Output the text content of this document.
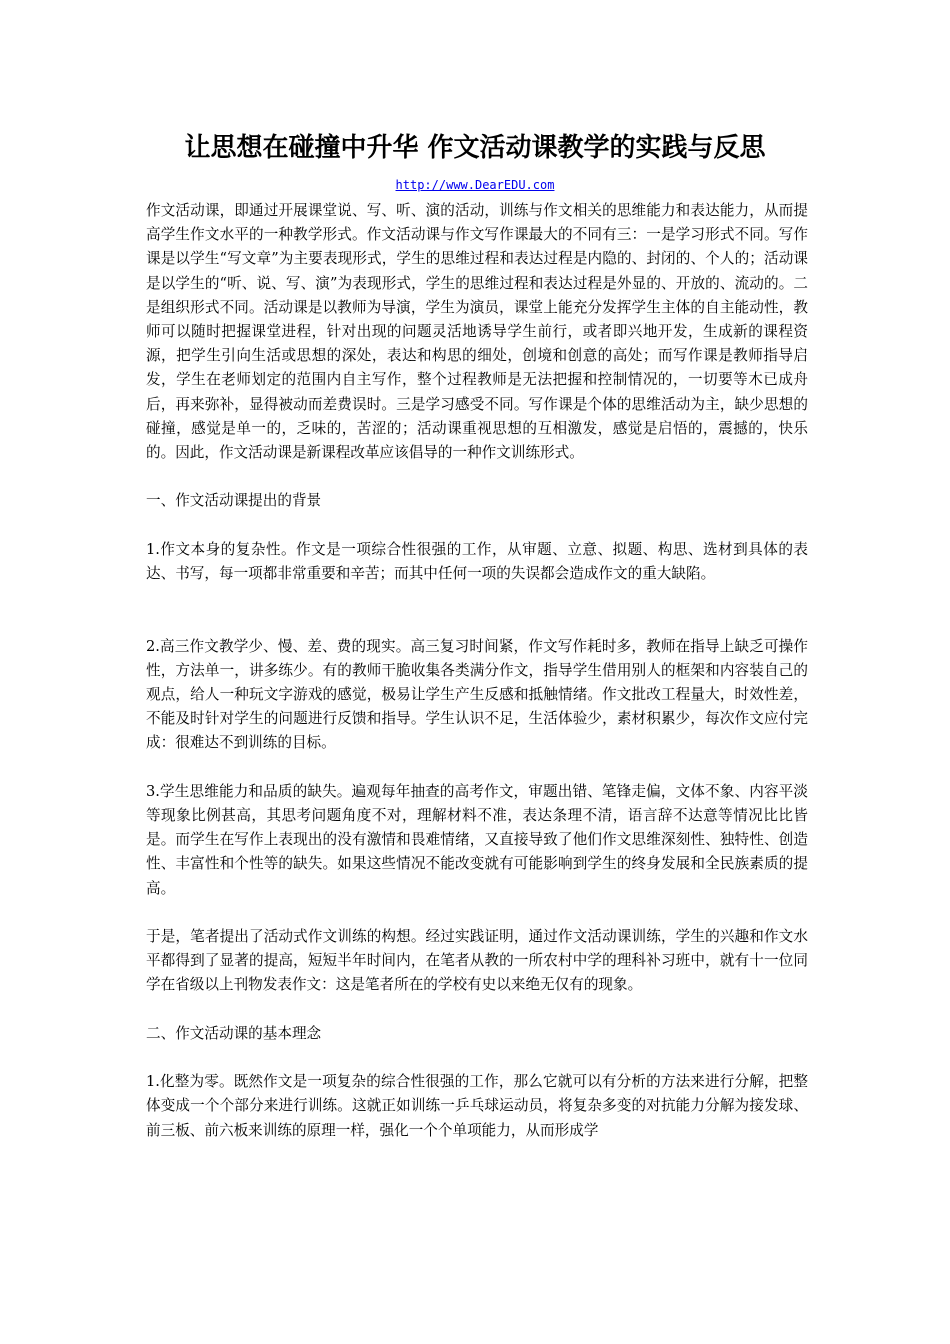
让思想在碰撞中升华 作文活动课教学的实践与反思
http://www.DearEDU.com

作文活动课，即通过开展课堂说、写、听、演的活动，训练与作文相关的思维能力和表达能力，从而提高学生作文水平的一种教学形式。作文活动课与作文写作课最大的不同有三：一是学习形式不同。写作课是以学生“写文章”为主要表现形式，学生的思维过程和表达过程是内隐的、封闭的、个人的；活动课是以学生的“听、说、写、演”为表现形式，学生的思维过程和表达过程是外显的、开放的、流动的。二是组织形式不同。活动课是以教师为导演，学生为演员，课堂上能充分发挥学生主体的自主能动性，教师可以随时把握课堂进程，针对出现的问题灵活地诱导学生前行，或者即兴地开发，生成新的课程资源，把学生引向生活或思想的深处，表达和构思的细处，创境和创意的高处；而写作课是教师指导启发，学生在老师划定的范围内自主写作，整个过程教师是无法把握和控制情况的，一切要等木已成舟后，再来弥补，显得被动而差费误时。三是学习感受不同。写作课是个体的思维活动为主，缺少思想的碰撞，感觉是单一的，乏味的，苦涩的；活动课重视思想的互相激发，感觉是启悟的，震撼的，快乐的。因此，作文活动课是新课程改革应该倡导的一种作文训练形式。

一、作文活动课提出的背景

1.作文本身的复杂性。作文是一项综合性很强的工作，从审题、立意、拟题、构思、选材到具体的表达、书写，每一项都非常重要和辛苦；而其中任何一项的失误都会造成作文的重大缺陷。

2.高三作文教学少、慢、差、费的现实。高三复习时间紧，作文写作耗时多，教师在指导上缺乏可操作性，方法单一，讲多练少。有的教师干脆收集各类满分作文，指导学生借用别人的框架和内容装自己的观点，给人一种玩文字游戏的感觉，极易让学生产生反感和抵触情绪。作文批改工程量大，时效性差，不能及时针对学生的问题进行反馈和指导。学生认识不足，生活体验少，素材积累少，每次作文应付完成：很难达不到训练的目标。

3.学生思维能力和品质的缺失。遍观每年抽查的高考作文，审题出错、笔锋走偏，文体不象、内容平淡等现象比例甚高，其思考问题角度不对，理解材料不准，表达条理不清，语言辞不达意等情况比比皆是。而学生在写作上表现出的没有激情和畏难情绪，又直接导致了他们作文思维深刻性、独特性、创造性、丰富性和个性等的缺失。如果这些情况不能改变就有可能影响到学生的终身发展和全民族素质的提高。

于是，笔者提出了活动式作文训练的构想。经过实践证明，通过作文活动课训练，学生的兴趣和作文水平都得到了显著的提高，短短半年时间内，在笔者从教的一所农村中学的理科补习班中，就有十一位同学在省级以上刊物发表作文：这是笔者所在的学校有史以来绝无仅有的现象。

二、作文活动课的基本理念

1.化整为零。既然作文是一项复杂的综合性很强的工作，那么它就可以有分析的方法来进行分解，把整体变成一个个部分来进行训练。这就正如训练一乒乓球运动员，将复杂多变的对抗能力分解为接发球、前三板、前六板来训练的原理一样，强化一个个单项能力，从而形成学
